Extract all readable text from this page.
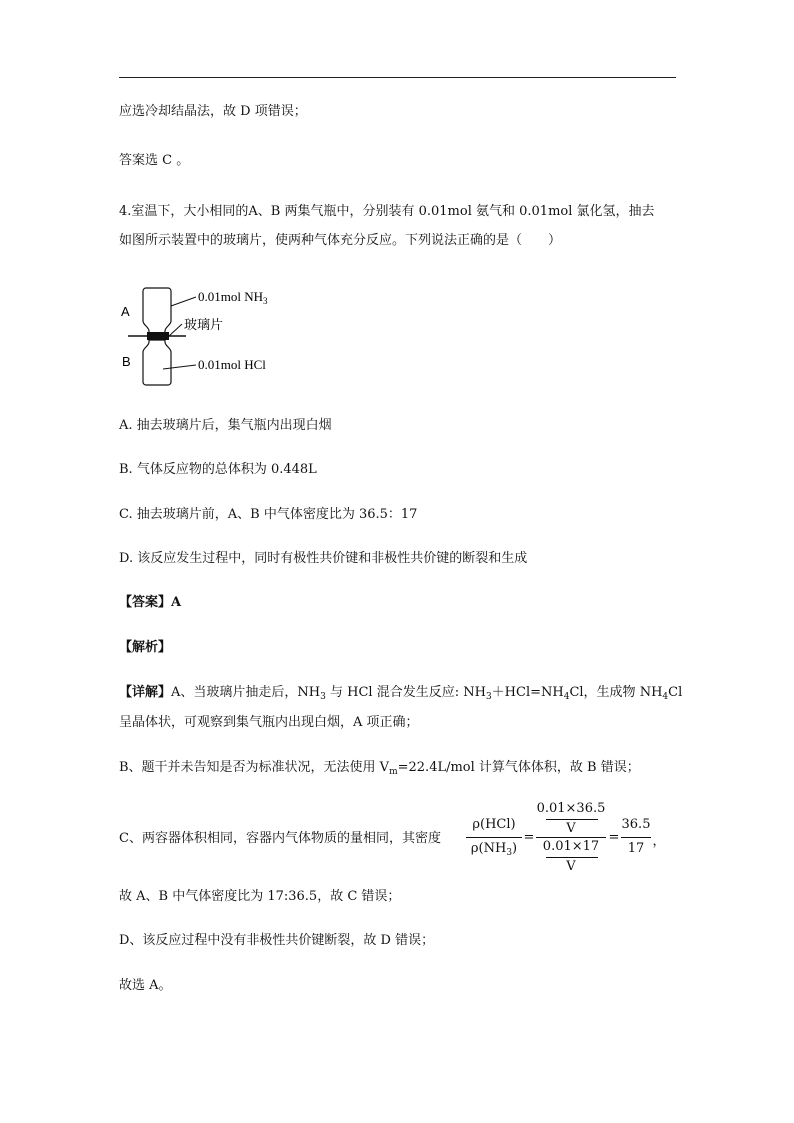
应选冷却结晶法，故 D 项错误；
答案选 C 。
4.室温下，大小相同的A、B 两集气瓶中，分别装有 0.01mol 氨气和 0.01mol 氯化氢，抽去
如图所示装置中的玻璃片，使两种气体充分反应。下列说法正确的是（　　）
A
B
0.01mol $NH_3$
玻璃片
0.01mol HCl
A. 抽去玻璃片后，集气瓶内出现白烟
B. 气体反应物的总体积为 0.448L
C. 抽去玻璃片前，A、B 中气体密度比为 36.5：17
D. 该反应发生过程中，同时有极性共价键和非极性共价键的断裂和生成
【答案】A
【解析】
【详解】A、当玻璃片抽走后，$NH_3$ 与 HCl 混合发生反应: $NH_3+HCl=NH_4Cl$，生成物 $NH_4Cl$
呈晶体状，可观察到集气瓶内出现白烟，A 项正确；
B、题干并未告知是否为标准状况，无法使用 $V_m=22.4L$/mol 计算气体体积，故 B 错误；
C、两容器体积相同，容器内气体物质的量相同，其密度
ρ(HCl)
$\rho(NH_3)$
=
0.01×36.5
V
0.01×17
V
=
36.5
17 ，
故 A、B 中气体密度比为 17:36.5，故 C 错误；
D、该反应过程中没有非极性共价键断裂，故 D 错误；
故选 A。
